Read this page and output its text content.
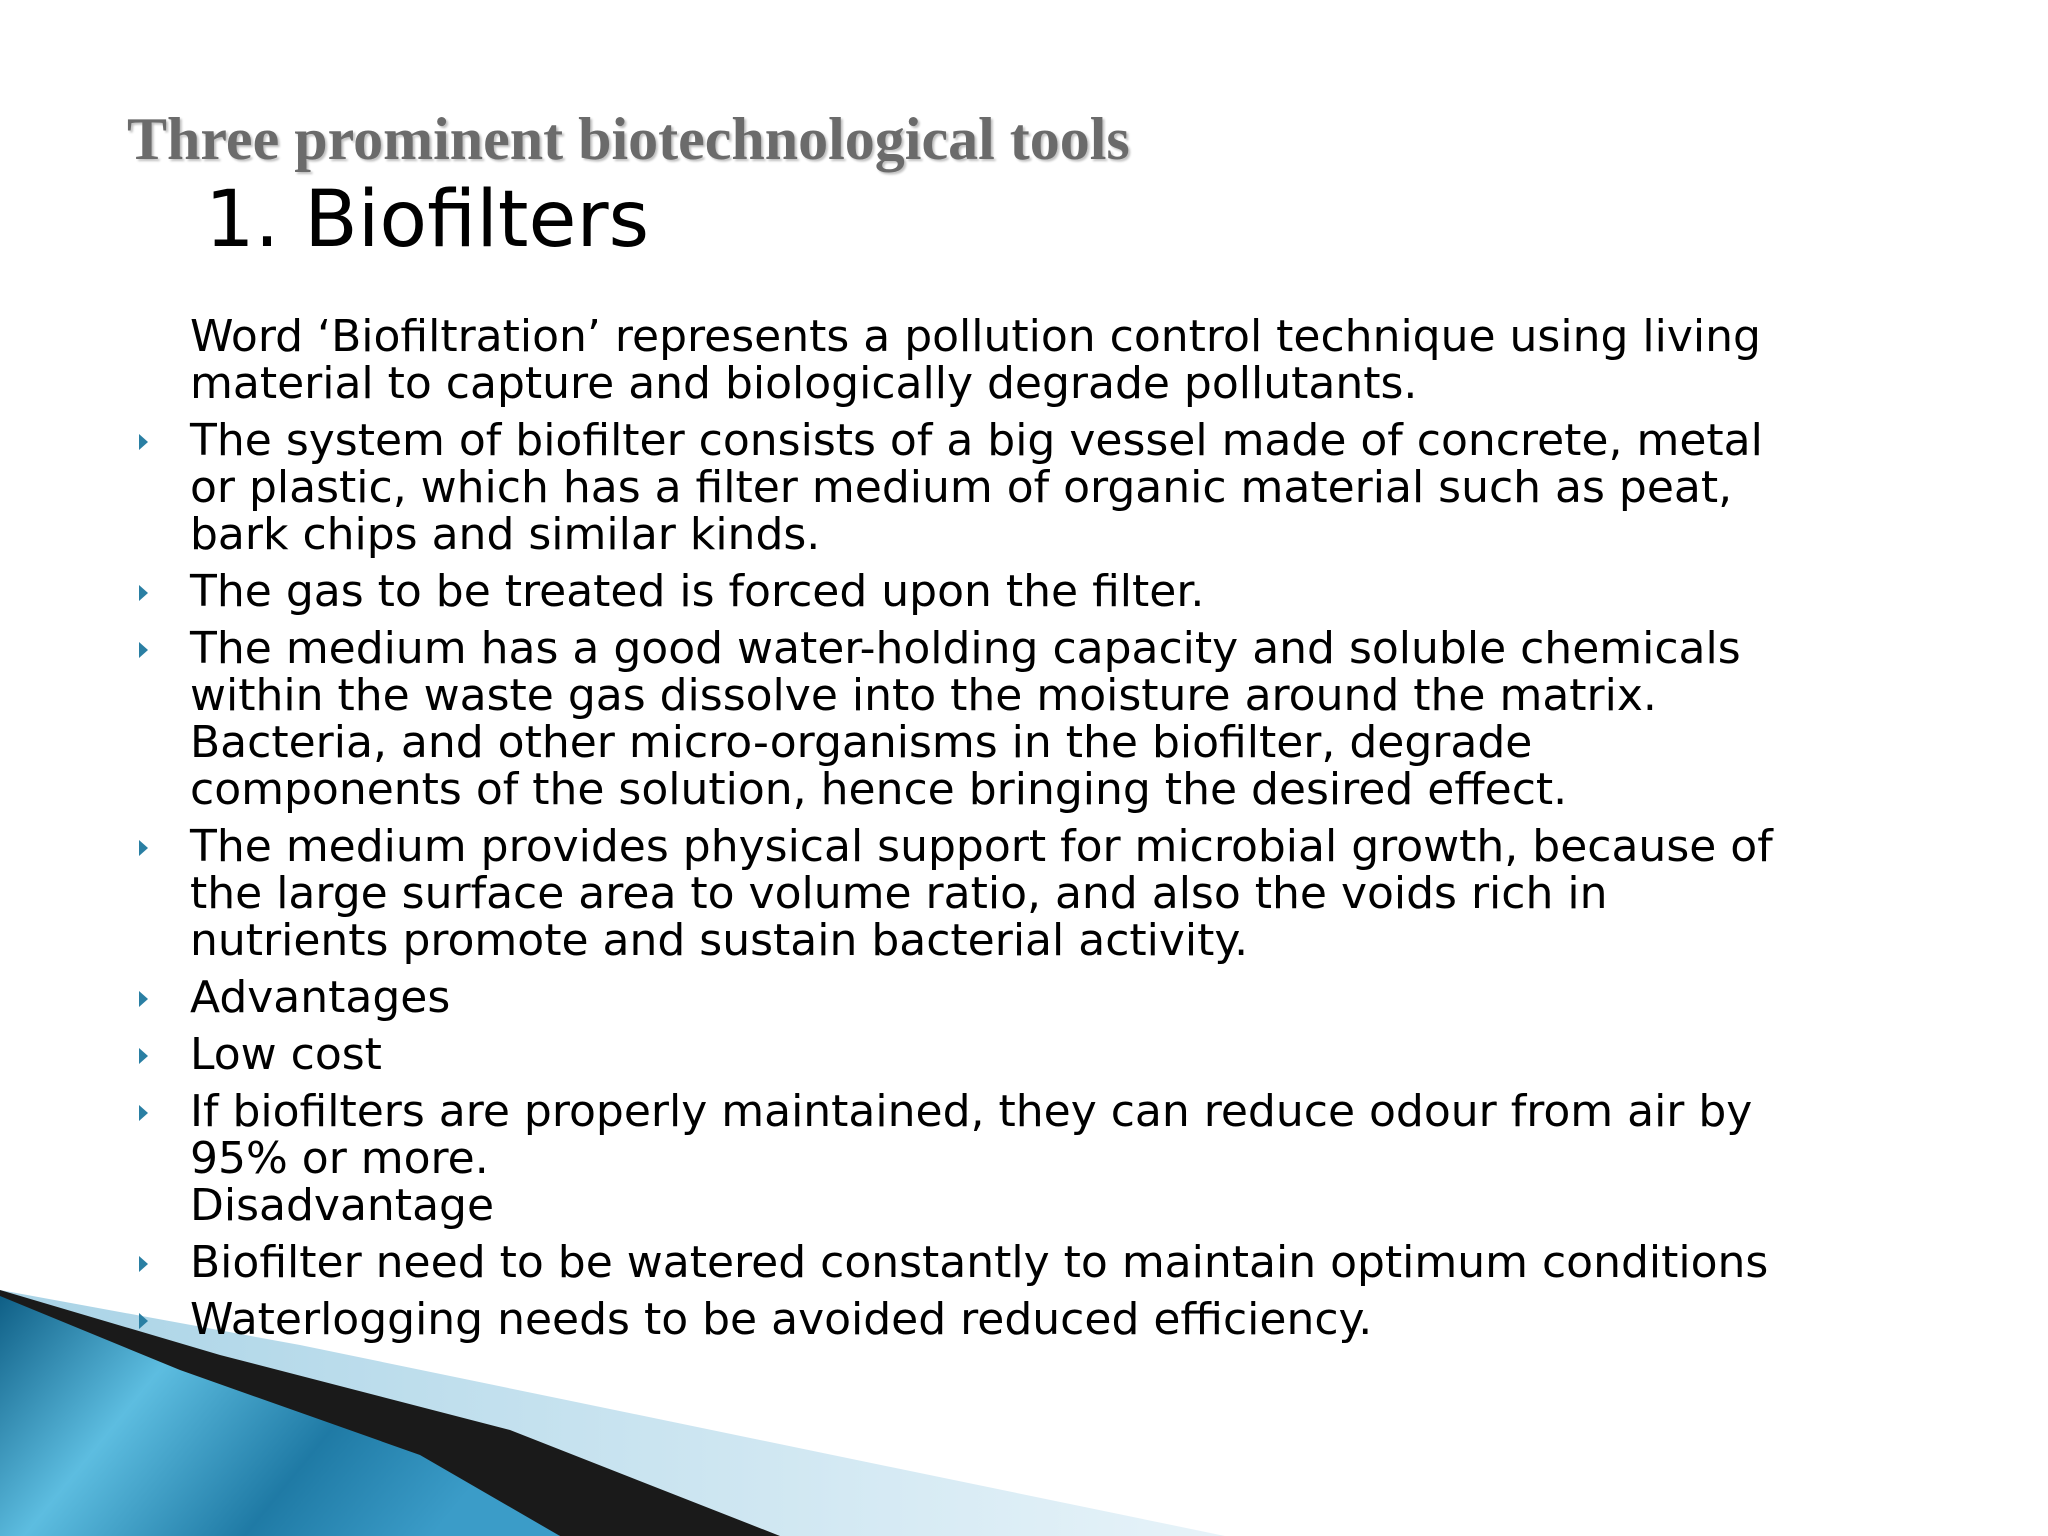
Three prominent biotechnological tools
1. Biofilters
Word ‘Biofiltration’ represents a pollution control technique using living
material to capture and biologically degrade pollutants.
The system of biofilter consists of a big vessel made of concrete, metal
or plastic, which has a filter medium of organic material such as peat,
bark chips and similar kinds.
The gas to be treated is forced upon the filter.
The medium has a good water-holding capacity and soluble chemicals
within the waste gas dissolve into the moisture around the matrix.
Bacteria, and other micro-organisms in the biofilter, degrade
components of the solution, hence bringing the desired effect.
The medium provides physical support for microbial growth, because of
the large surface area to volume ratio, and also the voids rich in
nutrients promote and sustain bacterial activity.
Advantages
Low cost
If biofilters are properly maintained, they can reduce odour from air by
95% or more.
Disadvantage
Biofilter need to be watered constantly to maintain optimum conditions
Waterlogging needs to be avoided reduced efficiency.
